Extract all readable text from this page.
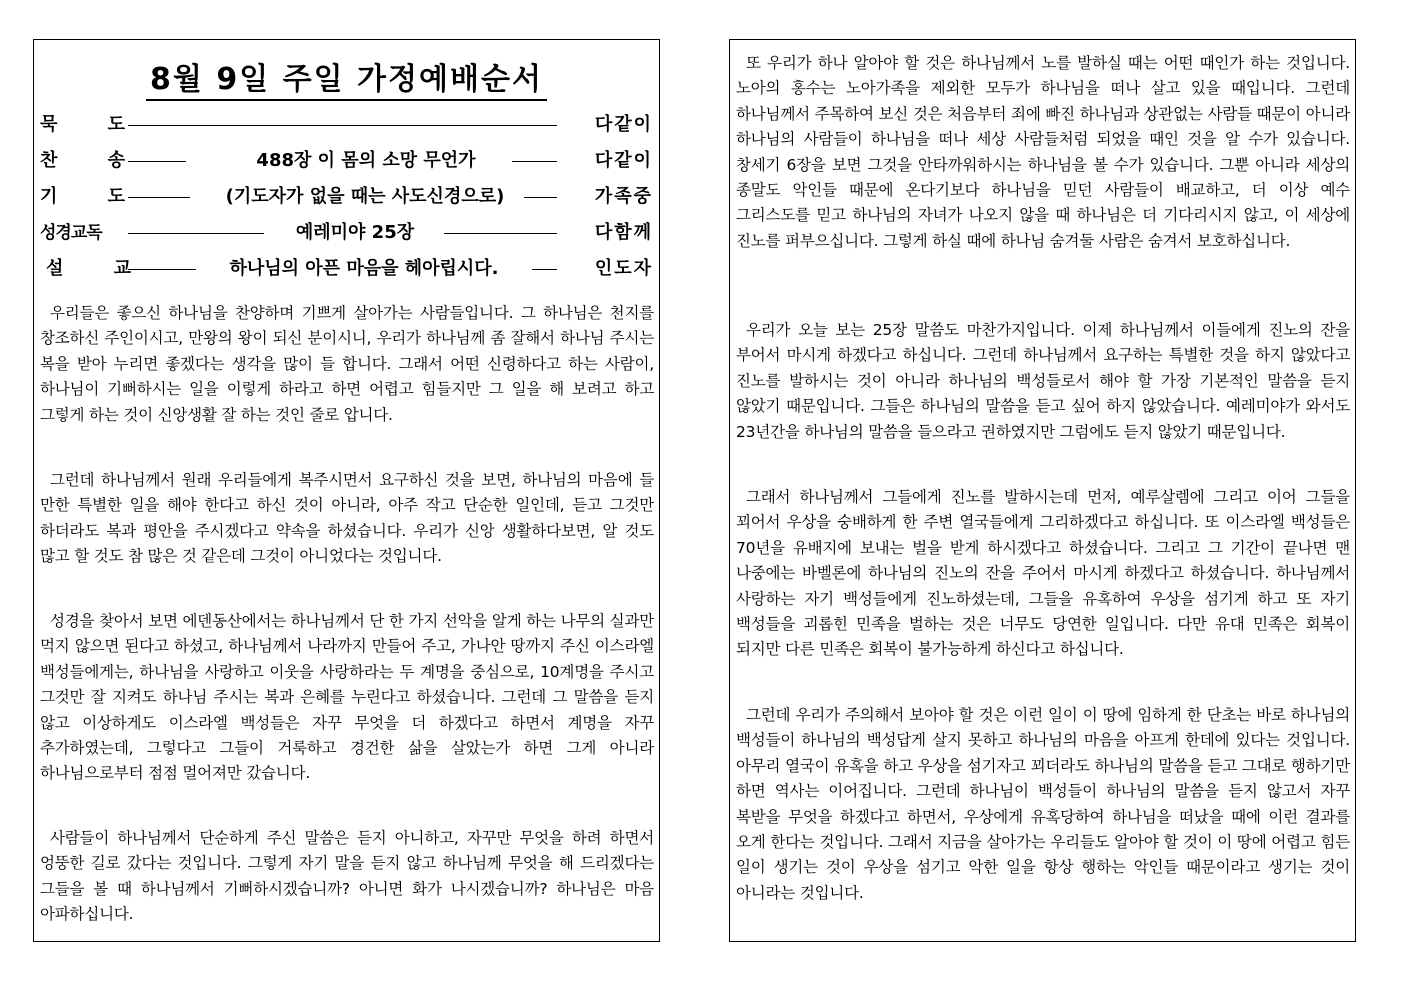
8월 9일 주일 가정예배순서
묵 도	다같이
찬 송	488장 이 몸의 소망 무언가	다같이
기 도	(기도자가 없을 때는 사도신경으로)	가족중
성경교독	예레미야 25장	다함께
설 교	하나님의 아픈 마음을 헤아립시다.	인도자

우리들은 좋으신 하나님을 찬양하며 기쁘게 살아가는 사람들입니다. 그 하나님은 천지를 창조하신 주인이시고, 만왕의 왕이 되신 분이시니, 우리가 하나님께 좀 잘해서 하나님 주시는 복을 받아 누리면 좋겠다는 생각을 많이 들 합니다. 그래서 어떤 신령하다고 하는 사람이, 하나님이 기뻐하시는 일을 이렇게 하라고 하면 어렵고 힘들지만 그 일을 해 보려고 하고 그렇게 하는 것이 신앙생활 잘 하는 것인 줄로 압니다.

그런데 하나님께서 원래 우리들에게 복주시면서 요구하신 것을 보면, 하나님의 마음에 들 만한 특별한 일을 해야 한다고 하신 것이 아니라, 아주 작고 단순한 일인데, 듣고 그것만 하더라도 복과 평안을 주시겠다고 약속을 하셨습니다. 우리가 신앙 생활하다보면, 알 것도 많고 할 것도 참 많은 것 같은데 그것이 아니었다는 것입니다.

성경을 찾아서 보면 에덴동산에서는 하나님께서 단 한 가지 선악을 알게 하는 나무의 실과만 먹지 않으면 된다고 하셨고, 하나님께서 나라까지 만들어 주고, 가나안 땅까지 주신 이스라엘 백성들에게는, 하나님을 사랑하고 이웃을 사랑하라는 두 계명을 중심으로, 10계명을 주시고 그것만 잘 지켜도 하나님 주시는 복과 은혜를 누린다고 하셨습니다. 그런데 그 말씀을 듣지 않고 이상하게도 이스라엘 백성들은 자꾸 무엇을 더 하겠다고 하면서 계명을 자꾸 추가하였는데, 그렇다고 그들이 거룩하고 경건한 삶을 살았는가 하면 그게 아니라 하나님으로부터 점점 멀어져만 갔습니다.

사람들이 하나님께서 단순하게 주신 말씀은 듣지 아니하고, 자꾸만 무엇을 하려 하면서 엉뚱한 길로 갔다는 것입니다. 그렇게 자기 말을 듣지 않고 하나님께 무엇을 해 드리겠다는 그들을 볼 때 하나님께서 기뻐하시겠습니까? 아니면 화가 나시겠습니까? 하나님은 마음 아파하십니다.

또 우리가 하나 알아야 할 것은 하나님께서 노를 발하실 때는 어떤 때인가 하는 것입니다. 노아의 홍수는 노아가족을 제외한 모두가 하나님을 떠나 살고 있을 때입니다. 그런데 하나님께서 주목하여 보신 것은 처음부터 죄에 빠진 하나님과 상관없는 사람들 때문이 아니라 하나님의 사람들이 하나님을 떠나 세상 사람들처럼 되었을 때인 것을 알 수가 있습니다. 창세기 6장을 보면 그것을 안타까워하시는 하나님을 볼 수가 있습니다. 그뿐 아니라 세상의 종말도 악인들 때문에 온다기보다 하나님을 믿던 사람들이 배교하고, 더 이상 예수 그리스도를 믿고 하나님의 자녀가 나오지 않을 때 하나님은 더 기다리시지 않고, 이 세상에 진노를 퍼부으십니다. 그렇게 하실 때에 하나님 숨겨둘 사람은 숨겨서 보호하십니다.

우리가 오늘 보는 25장 말씀도 마찬가지입니다. 이제 하나님께서 이들에게 진노의 잔을 부어서 마시게 하겠다고 하십니다. 그런데 하나님께서 요구하는 특별한 것을 하지 않았다고 진노를 발하시는 것이 아니라 하나님의 백성들로서 해야 할 가장 기본적인 말씀을 듣지 않았기 때문입니다. 그들은 하나님의 말씀을 듣고 싶어 하지 않았습니다. 예레미야가 와서도 23년간을 하나님의 말씀을 들으라고 권하였지만 그럼에도 듣지 않았기 때문입니다.

그래서 하나님께서 그들에게 진노를 발하시는데 먼저, 예루살렘에 그리고 이어 그들을 꾀어서 우상을 숭배하게 한 주변 열국들에게 그리하겠다고 하십니다. 또 이스라엘 백성들은 70년을 유배지에 보내는 벌을 받게 하시겠다고 하셨습니다. 그리고 그 기간이 끝나면 맨 나중에는 바벨론에 하나님의 진노의 잔을 주어서 마시게 하겠다고 하셨습니다. 하나님께서 사랑하는 자기 백성들에게 진노하셨는데, 그들을 유혹하여 우상을 섬기게 하고 또 자기 백성들을 괴롭힌 민족을 벌하는 것은 너무도 당연한 일입니다. 다만 유대 민족은 회복이 되지만 다른 민족은 회복이 불가능하게 하신다고 하십니다.

그런데 우리가 주의해서 보아야 할 것은 이런 일이 이 땅에 임하게 한 단초는 바로 하나님의 백성들이 하나님의 백성답게 살지 못하고 하나님의 마음을 아프게 한데에 있다는 것입니다. 아무리 열국이 유혹을 하고 우상을 섬기자고 꾀더라도 하나님의 말씀을 듣고 그대로 행하기만 하면 역사는 이어집니다. 그런데 하나님이 백성들이 하나님의 말씀을 듣지 않고서 자꾸 복받을 무엇을 하겠다고 하면서, 우상에게 유혹당하여 하나님을 떠났을 때에 이런 결과를 오게 한다는 것입니다. 그래서 지금을 살아가는 우리들도 알아야 할 것이 이 땅에 어렵고 힘든 일이 생기는 것이 우상을 섬기고 악한 일을 항상 행하는 악인들 때문이라고 생기는 것이 아니라는 것입니다.
